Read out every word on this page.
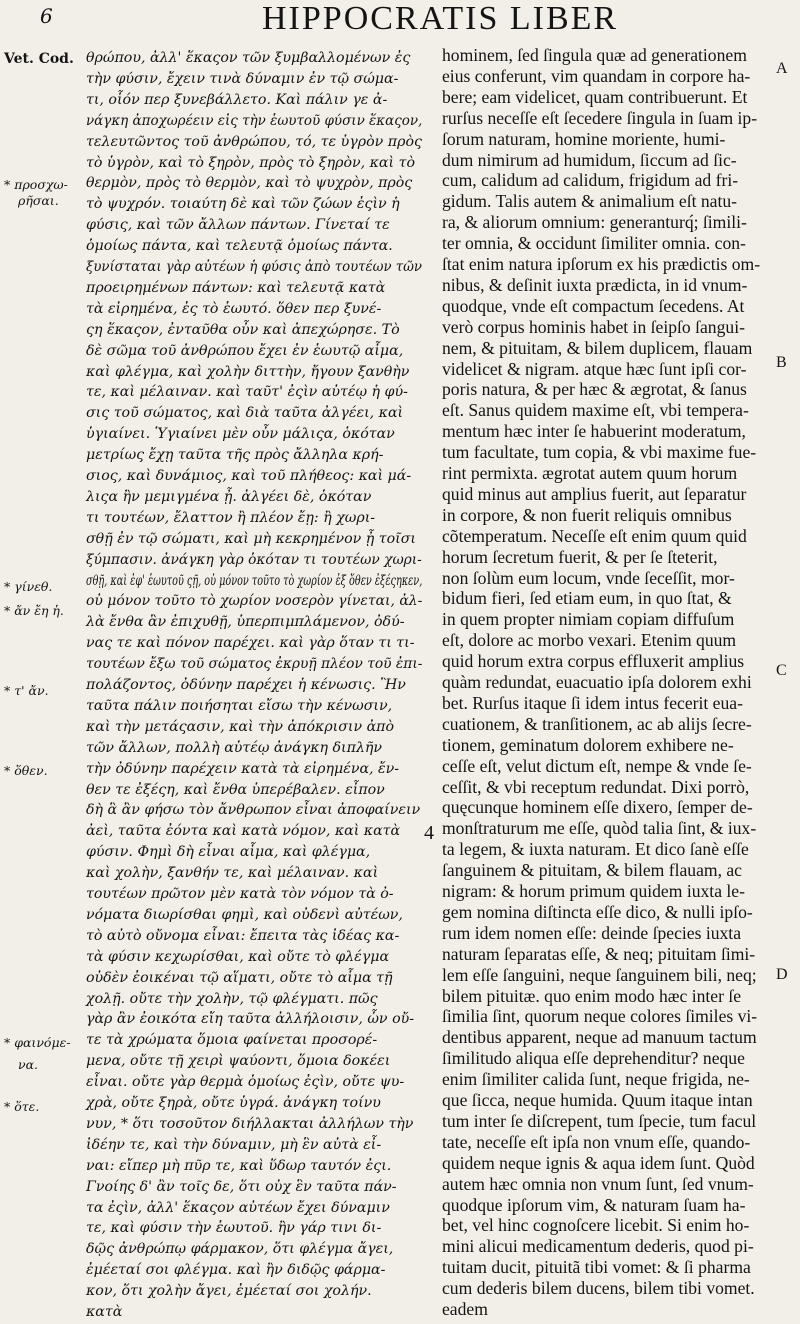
6	HIPPOCRATIS LIBER
Vet. Cod.
* προσχω-
ρῆσαι.
* γίνεθ.
* ἄν ἔη ἡ.
* τ' ἄν.
* ὅθεν.
* φαινόμε-
να.
* ὅτε.
θρώπου, ἀλλ' ἕκαςον τῶν ξυμβαλλομένων ἐς
τὴν φύσιν, ἔχειν τινὰ δύναμιν ἐν τῷ σώμα-
τι, οἷόν περ ξυνεβάλλετο. Καὶ πάλιν γε ἀ-
νάγκη ἀποχωρέειν εἰς τὴν ἑωυτοῦ φύσιν ἕκαςον,
τελευτῶντος τοῦ ἀνθρώπου, τό, τε ὑγρὸν πρὸς
τὸ ὑγρὸν, καὶ τὸ ξηρὸν, πρὸς τὸ ξηρὸν, καὶ τὸ
θερμὸν, πρὸς τὸ θερμὸν, καὶ τὸ ψυχρὸν, πρὸς
τὸ ψυχρόν. τοιαύτη δὲ καὶ τῶν ζώων ἐςὶν ἡ
φύσις, καὶ τῶν ἄλλων πάντων. Γίνεταί τε
ὁμοίως πάντα, καὶ τελευτᾷ ὁμοίως πάντα.
ξυνίσταται γὰρ αὐτέων ἡ φύσις ἀπὸ τουτέων τῶν
προειρημένων πάντων: καὶ τελευτᾷ κατὰ
τὰ εἰρημένα, ἐς τὸ ἑωυτό. ὅθεν περ ξυνέ-
ςη ἕκαςον, ἐνταῦθα οὖν καὶ ἀπεχώρησε. Τὸ
δὲ σῶμα τοῦ ἀνθρώπου ἔχει ἐν ἑωυτῷ αἷμα,
καὶ φλέγμα, καὶ χολὴν διττὴν, ἤγουν ξανθὴν
τε, καὶ μέλαιναν. καὶ ταῦτ' ἐςὶν αὐτέῳ ἡ φύ-
σις τοῦ σώματος, καὶ διὰ ταῦτα ἀλγέει, καὶ
ὑγιαίνει. Ὑγιαίνει μὲν οὖν μάλιςα, ὁκόταν
μετρίως ἔχῃ ταῦτα τῆς πρὸς ἄλληλα κρή-
σιος, καὶ δυνάμιος, καὶ τοῦ πλήθεος: καὶ μά-
λιςα ἢν μεμιγμένα ᾖ. ἀλγέει δὲ, ὁκόταν
τι τουτέων, ἔλαττον ἢ πλέον ἔῃ: ἢ χωρι-
σθῇ ἐν τῷ σώματι, καὶ μὴ κεκρημένον ᾖ τοῖσι
ξύμπασιν. ἀνάγκη γὰρ ὁκόταν τι τουτέων χωρι-
σθῇ, καὶ ἐφ' ἑωυτοῦ ςῇ, οὐ μόνον τοῦτο τὸ χωρίον ἐξ ὅθεν ἐξέςηκεν,
οὐ μόνον τοῦτο τὸ χωρίον νοσερὸν γίνεται, ἀλ-
λὰ ἔνθα ἂν ἐπιχυθῇ, ὑπερπιμπλάμενον, ὀδύ-
νας τε καὶ πόνον παρέχει. καὶ γὰρ ὅταν τι τι-
τουτέων ἔξω τοῦ σώματος ἐκρυῇ πλέον τοῦ ἐπι-
πολάζοντος, ὀδύνην παρέχει ἡ κένωσις. Ἢν
ταῦτα πάλιν ποιήσηται εἴσω τὴν κένωσιν,
καὶ τὴν μετάςασιν, καὶ τὴν ἀπόκρισιν ἀπὸ
τῶν ἄλλων, πολλὴ αὐτέῳ ἀνάγκη διπλῆν
τὴν ὀδύνην παρέχειν κατὰ τὰ εἰρημένα, ἔν-
θεν τε ἐξέςη, καὶ ἔνθα ὑπερέβαλεν. εἶπον
δὴ ἃ ἂν φήσω τὸν ἄνθρωπον εἶναι ἀποφαίνειν
ἀεὶ, ταῦτα ἐόντα καὶ κατὰ νόμον, καὶ κατὰ
φύσιν. Φημὶ δὴ εἶναι αἷμα, καὶ φλέγμα,
καὶ χολὴν, ξανθήν τε, καὶ μέλαιναν. καὶ
τουτέων πρῶτον μὲν κατὰ τὸν νόμον τὰ ὀ-
νόματα διωρίσθαι φημὶ, καὶ οὐδενὶ αὐτέων,
τὸ αὐτὸ οὔνομα εἶναι: ἔπειτα τὰς ἰδέας κα-
τὰ φύσιν κεχωρίσθαι, καὶ οὔτε τὸ φλέγμα
οὐδὲν ἐοικέναι τῷ αἵματι, οὔτε τὸ αἷμα τῇ
χολῇ. οὔτε τὴν χολὴν, τῷ φλέγματι. πῶς
γὰρ ἂν ἐοικότα εἴη ταῦτα ἀλλήλοισιν, ὧν οὔ-
τε τὰ χρώματα ὅμοια φαίνεται προσορέ-
μενα, οὔτε τῇ χειρὶ ψαύοντι, ὅμοια δοκέει
εἶναι. οὔτε γὰρ θερμὰ ὁμοίως ἐςὶν, οὔτε ψυ-
χρὰ, οὔτε ξηρὰ, οὔτε ὑγρά. ἀνάγκη τοίνυ
νυν, * ὅτι τοσοῦτον διήλλακται ἀλλήλων τὴν
ἰδέην τε, καὶ τὴν δύναμιν, μὴ ἓν αὐτὰ εἶ-
ναι: εἴπερ μὴ πῦρ τε, καὶ ὕδωρ ταυτόν ἐςι.
Γνοίης δ' ἂν τοῖς δε, ὅτι οὐχ ἓν ταῦτα πάν-
τα ἐςὶν, ἀλλ' ἕκαςον αὐτέων ἔχει δύναμιν
τε, καὶ φύσιν τὴν ἑωυτοῦ. ἢν γάρ τινι δι-
δῷς ἀνθρώπῳ φάρμακον, ὅτι φλέγμα ἄγει,
ἐμέεταί σοι φλέγμα. καὶ ἢν διδῷς φάρμα-
κον, ὅτι χολὴν ἄγει, ἐμέεταί σοι χολήν.
κατὰ
hominem, ſed ſingula quæ ad generationem
eius conferunt, vim quandam in corpore ha-
bere; eam videlicet, quam contribuerunt. Et
rurſus neceſſe eſt ſecedere ſingula in ſuam ip-
ſorum naturam, homine moriente, humi-
dum nimirum ad humidum, ſiccum ad ſic-
cum, calidum ad calidum, frigidum ad fri-
gidum. Talis autem & animalium eſt natu-
ra, & aliorum omnium: generanturq́; ſimili-
ter omnia, & occidunt ſimiliter omnia. con-
ſtat enim natura ipſorum ex his prædictis om-
nibus, & deſinit iuxta prædicta, in id vnum-
quodque, vnde eſt compactum ſecedens. At
verò corpus hominis habet in ſeipſo ſangui-
nem, & pituitam, & bilem duplicem, flauam
videlicet & nigram. atque hæc ſunt ipſi cor-
poris natura, & per hæc & ægrotat, & ſanus
eſt. Sanus quidem maxime eſt, vbi tempera-
mentum hæc inter ſe habuerint moderatum,
tum facultate, tum copia, & vbi maxime fue-
rint permixta. ægrotat autem quum horum
quid minus aut amplius fuerit, aut ſeparatur
in corpore, & non fuerit reliquis omnibus
cõtemperatum. Neceſſe eſt enim quum quid
horum ſecretum fuerit, & per ſe ſteterit,
non ſolùm eum locum, vnde ſeceſſit, mor-
bidum fieri, ſed etiam eum, in quo ſtat, &
in quem propter nimiam copiam diffuſum
eſt, dolore ac morbo vexari. Etenim quum
quid horum extra corpus effluxerit amplius
quàm redundat, euacuatio ipſa dolorem exhi
bet. Rurſus itaque ſi idem intus fecerit eua-
cuationem, & tranſitionem, ac ab alijs ſecre-
tionem, geminatum dolorem exhibere ne-
ceſſe eſt, velut dictum eſt, nempe & vnde ſe-
ceſſit, & vbi receptum redundat. Dixi porrò,
quęcunque hominem eſſe dixero, ſemper de-
monſtraturum me eſſe, quòd talia ſint, & iux-
ta legem, & iuxta naturam. Et dico ſanè eſſe
ſanguinem & pituitam, & bilem flauam, ac
nigram: & horum primum quidem iuxta le-
gem nomina diſtincta eſſe dico, & nulli ipſo-
rum idem nomen eſſe: deinde ſpecies iuxta
naturam ſeparatas eſſe, & neq; pituitam ſimi-
lem eſſe ſanguini, neque ſanguinem bili, neq;
bilem pituitæ. quo enim modo hæc inter ſe
ſimilia ſint, quorum neque colores ſimiles vi-
dentibus apparent, neque ad manuum tactum
ſimilitudo aliqua eſſe deprehenditur? neque
enim ſimiliter calida ſunt, neque frigida, ne-
que ſicca, neque humida. Quum itaque intan
tum inter ſe diſcrepent, tum ſpecie, tum facul
tate, neceſſe eſt ipſa non vnum eſſe, quando-
quidem neque ignis & aqua idem ſunt. Quòd
autem hæc omnia non vnum ſunt, ſed vnum-
quodque ipſorum vim, & naturam ſuam ha-
bet, vel hinc cognoſcere licebit. Si enim ho-
mini alicui medicamentum dederis, quod pi-
tuitam ducit, pituitã tibi vomet: & ſi pharma
cum dederis bilem ducens, bilem tibi vomet.
eadem
4
A
B
C
D
